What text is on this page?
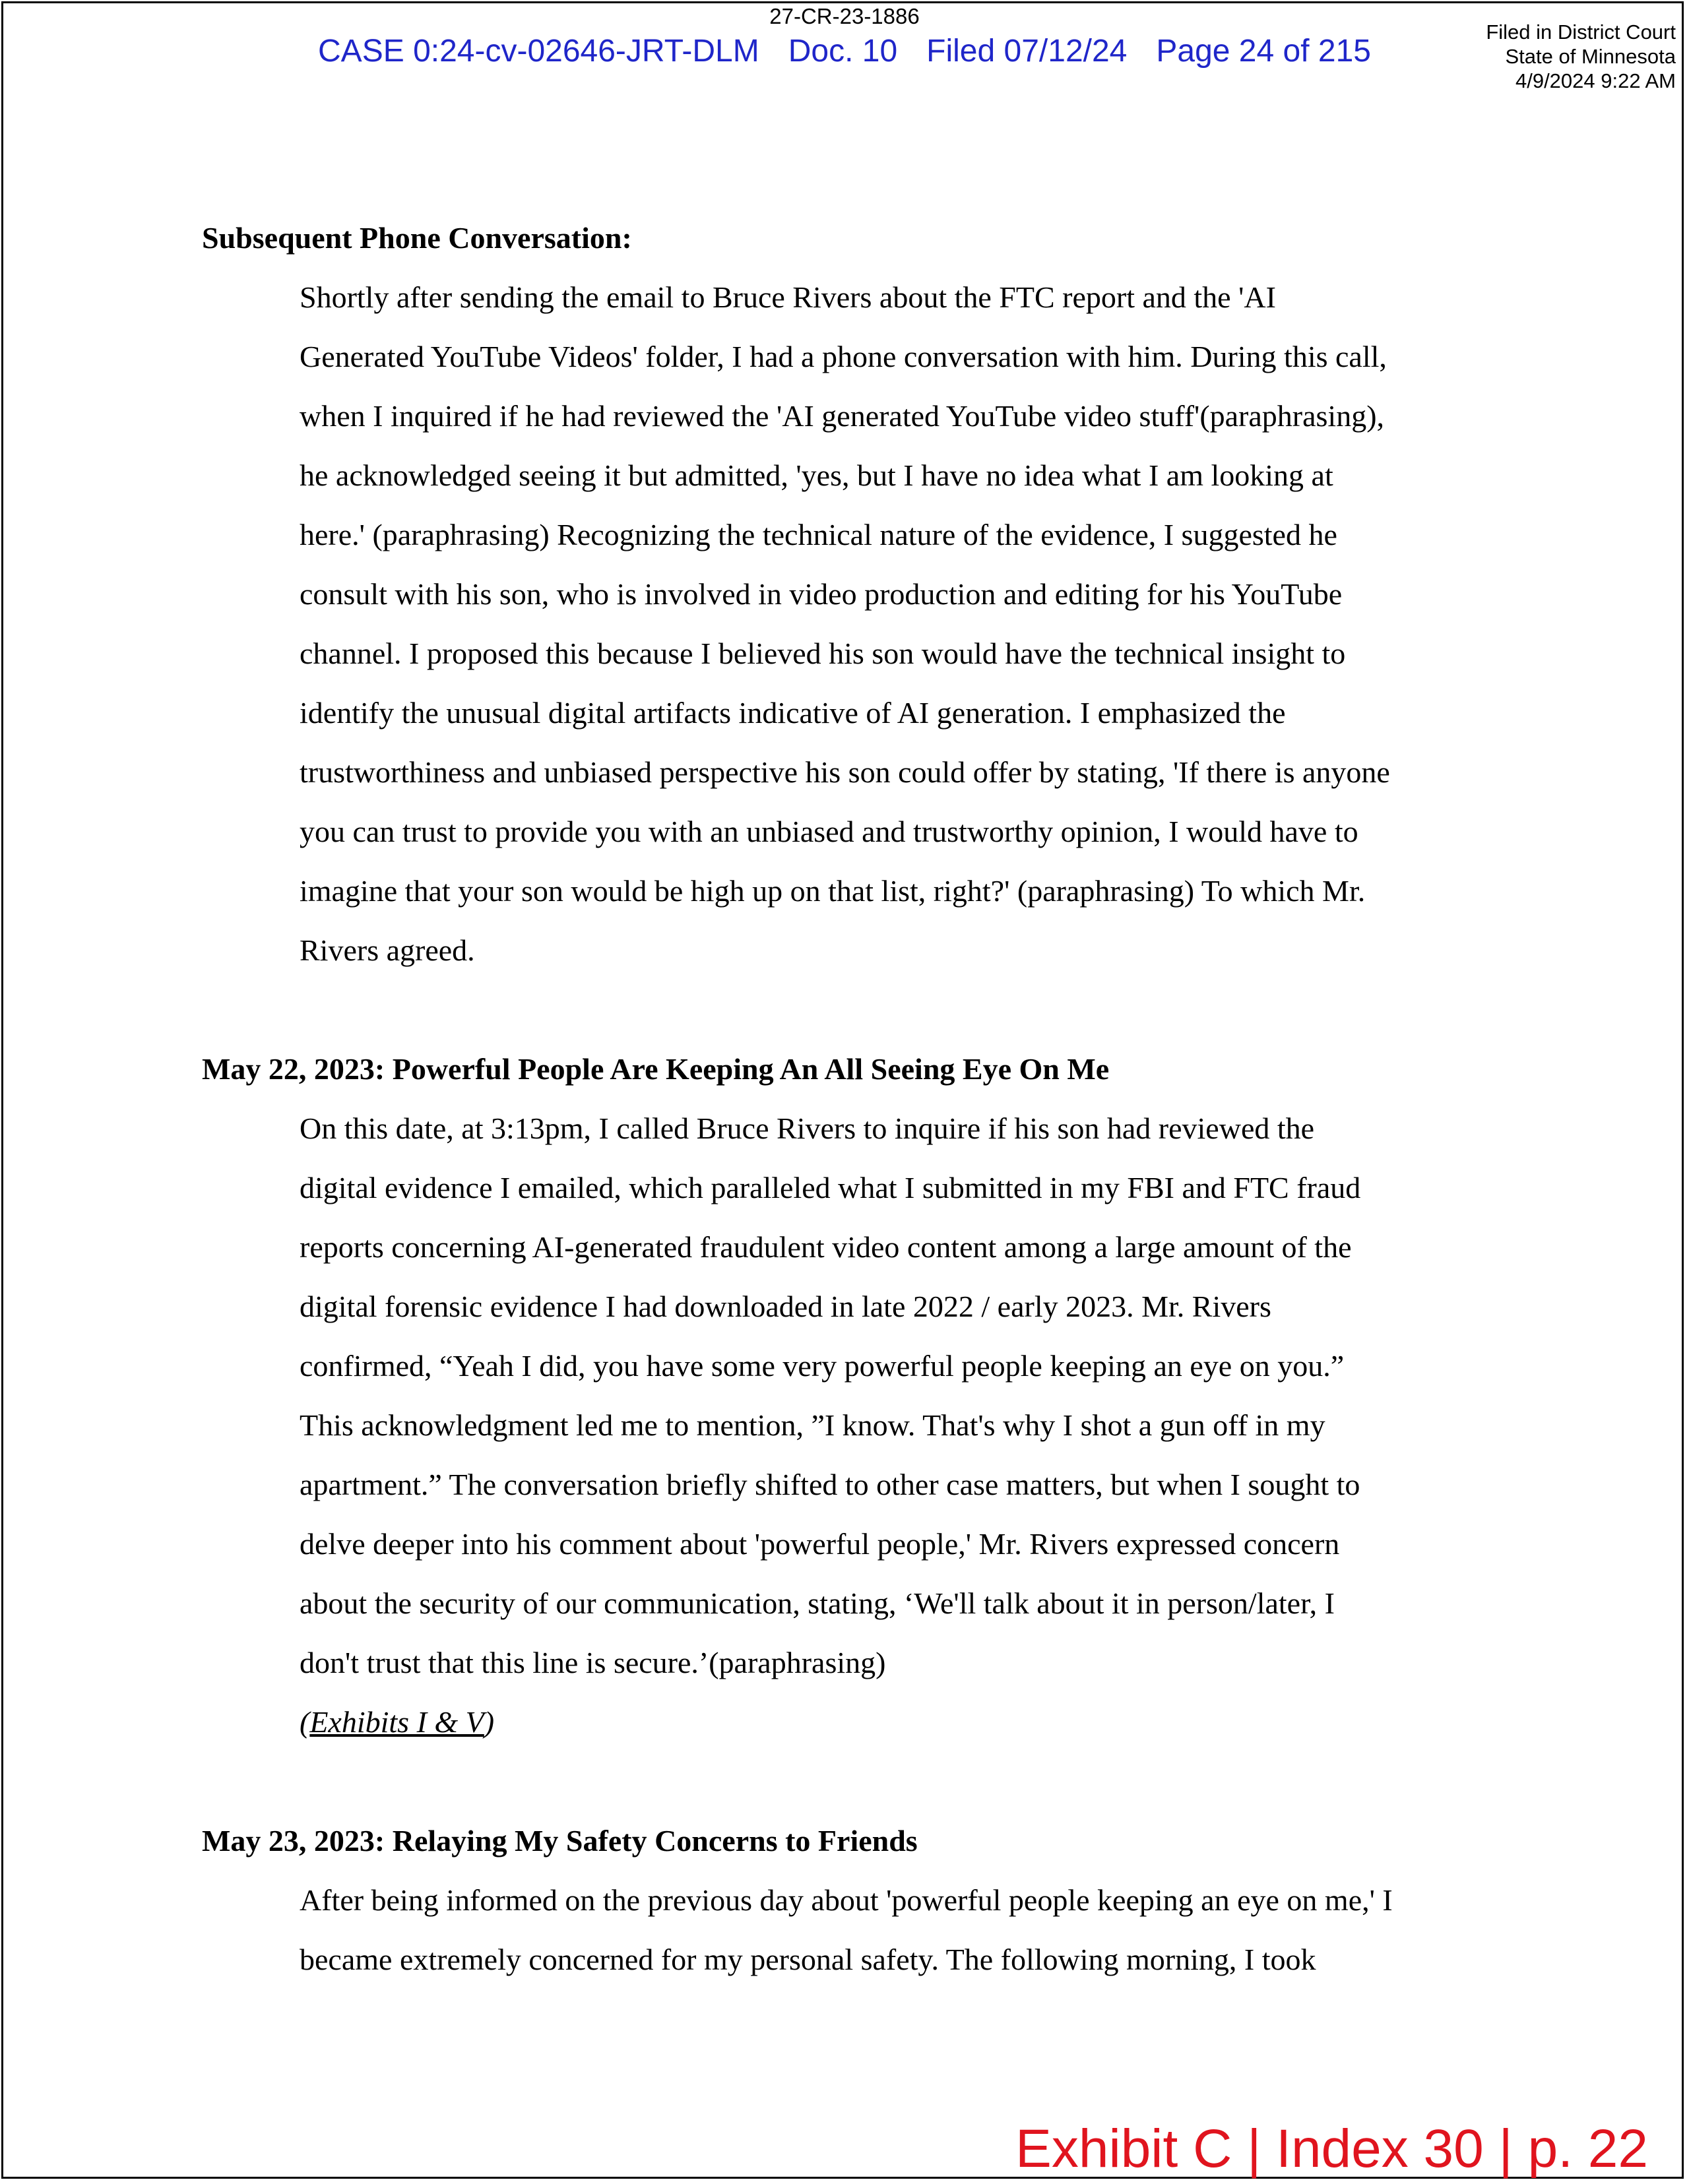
27-CR-23-1886
CASE 0:24-cv-02646-JRT-DLM Doc. 10 Filed 07/12/24 Page 24 of 215
Filed in District Court
State of Minnesota
4/9/2024 9:22 AM

Subsequent Phone Conversation:

Shortly after sending the email to Bruce Rivers about the FTC report and the 'AI
Generated YouTube Videos' folder, I had a phone conversation with him. During this call,
when I inquired if he had reviewed the 'AI generated YouTube video stuff'(paraphrasing),
he acknowledged seeing it but admitted, 'yes, but I have no idea what I am looking at
here.' (paraphrasing) Recognizing the technical nature of the evidence, I suggested he
consult with his son, who is involved in video production and editing for his YouTube
channel. I proposed this because I believed his son would have the technical insight to
identify the unusual digital artifacts indicative of AI generation. I emphasized the
trustworthiness and unbiased perspective his son could offer by stating, 'If there is anyone
you can trust to provide you with an unbiased and trustworthy opinion, I would have to
imagine that your son would be high up on that list, right?' (paraphrasing) To which Mr.
Rivers agreed.

May 22, 2023: Powerful People Are Keeping An All Seeing Eye On Me

On this date, at 3:13pm, I called Bruce Rivers to inquire if his son had reviewed the
digital evidence I emailed, which paralleled what I submitted in my FBI and FTC fraud
reports concerning AI-generated fraudulent video content among a large amount of the
digital forensic evidence I had downloaded in late 2022 / early 2023. Mr. Rivers
confirmed, “Yeah I did, you have some very powerful people keeping an eye on you.”
This acknowledgment led me to mention, ”I know. That's why I shot a gun off in my
apartment.” The conversation briefly shifted to other case matters, but when I sought to
delve deeper into his comment about 'powerful people,' Mr. Rivers expressed concern
about the security of our communication, stating, ‘We'll talk about it in person/later, I
don't trust that this line is secure.’(paraphrasing)
(Exhibits I & V)

May 23, 2023: Relaying My Safety Concerns to Friends

After being informed on the previous day about 'powerful people keeping an eye on me,' I
became extremely concerned for my personal safety. The following morning, I took
Exhibit C | Index 30 | p. 22
